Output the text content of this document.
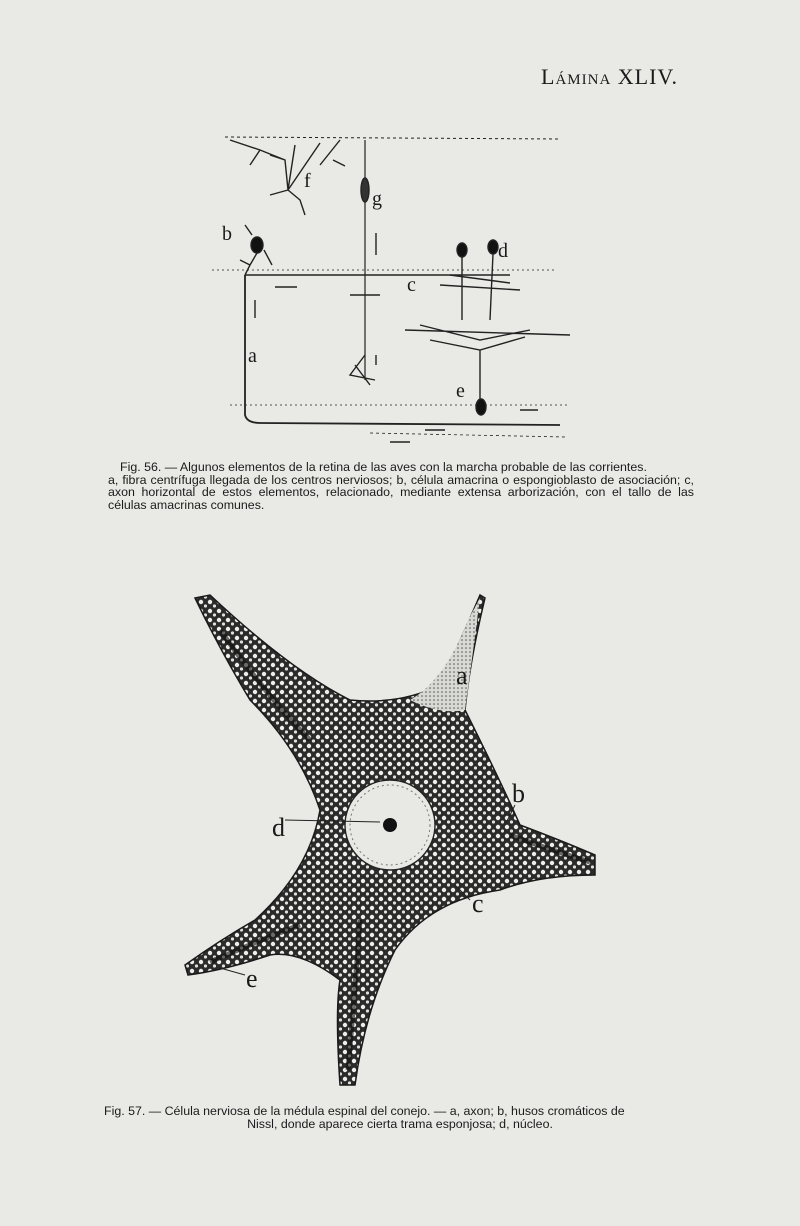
Lámina XLIV.
b
f
g
d
c
a
e

Fig. 56. — Algunos elementos de la retina de las aves con la marcha probable de las corrientes.

a, fibra centrífuga llegada de los centros nerviosos; b, célula amacrina o espongioblasto de asociación; c, axon horizontal de estos elementos, relacionado, mediante extensa arborización, con el tallo de las células amacrinas comunes.

a
b
d
c
e

Fig. 57. — Célula nerviosa de la médula espinal del conejo. — a, axon; b, husos cromáticos de

Nissl, donde aparece cierta trama esponjosa; d, núcleo.
